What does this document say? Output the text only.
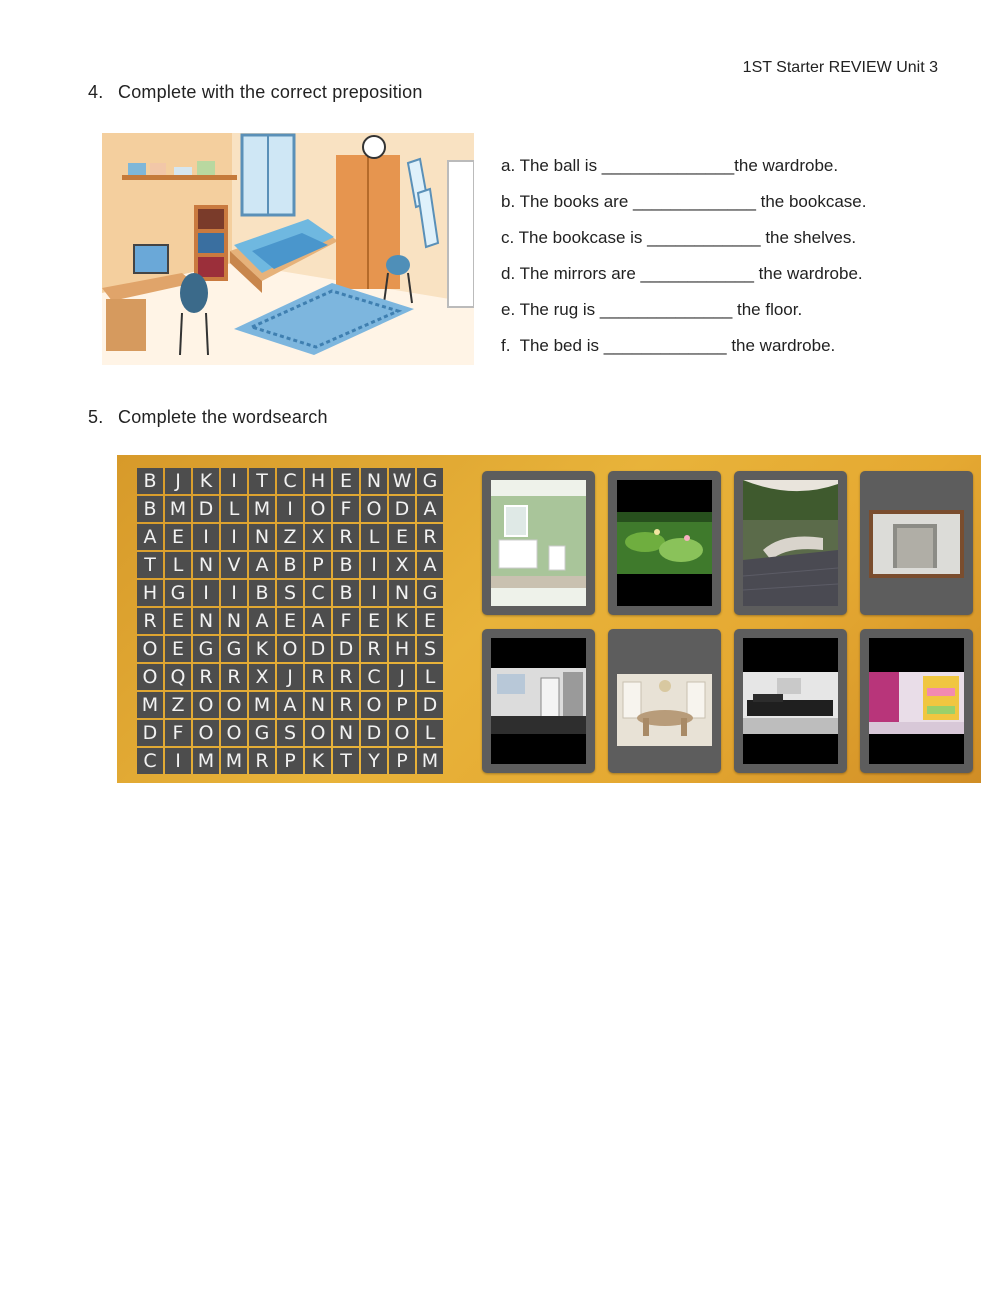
1ST Starter REVIEW Unit 3
4. Complete with the correct preposition
a. The ball is ______________the wardrobe.
b. The books are _____________ the bookcase.
c. The bookcase is ____________ the shelves.
d. The mirrors are ____________ the wardrobe.
e. The rug is ______________ the floor.
f.  The bed is _____________ the wardrobe.
5. Complete the wordsearch
B J K I	T C H E N W G
B M D L M I O F O D A
A E	I	I N Z X R L E R
T L N V A B P B I X A
H G I	I B S C B I N G
R E N N A E A F E K E
O E G G K O D D R H S
O Q R R X J R R C J	L
M Z O O M A N R O P D
D F O O G S O N D O L
C I M M R P K T Y P M
